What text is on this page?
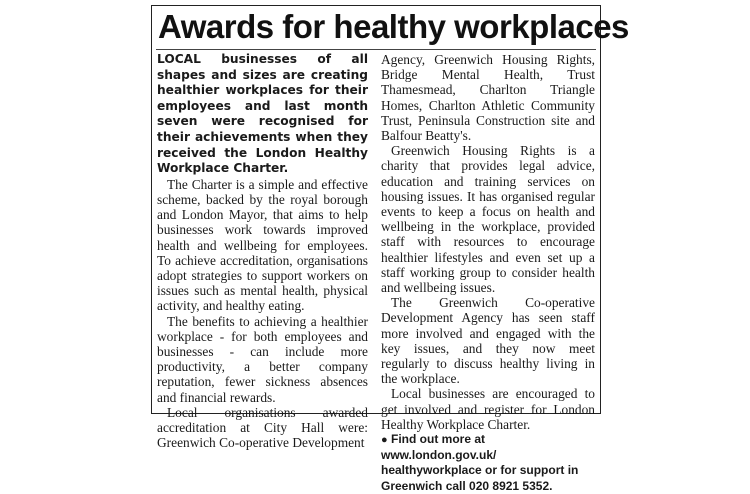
Awards for healthy workplaces

LOCAL businesses of all shapes and sizes are creating healthier workplaces for their employees and last month seven were recognised for their achievements when they received the London Healthy Workplace Charter.

The Charter is a simple and effective scheme, backed by the royal borough and London Mayor, that aims to help businesses work towards improved health and wellbeing for employees. To achieve accreditation, organisations adopt strategies to support workers on issues such as mental health, physical activity, and healthy eating.

The benefits to achieving a healthier workplace - for both employees and businesses - can include more productivity, a better company reputation, fewer sickness absences and financial rewards.

Local organisations awarded accreditation at City Hall were: Greenwich Co-operative Development

Agency, Greenwich Housing Rights, Bridge Mental Health, Trust Thamesmead, Charlton Triangle Homes, Charlton Athletic Community Trust, Peninsula Construction site and Balfour Beatty's.

Greenwich Housing Rights is a charity that provides legal advice, education and training services on housing issues. It has organised regular events to keep a focus on health and wellbeing in the workplace, provided staff with resources to encourage healthier lifestyles and even set up a staff working group to consider health and wellbeing issues.

The Greenwich Co-operative Development Agency has seen staff more involved and engaged with the key issues, and they now meet regularly to discuss healthy living in the workplace.

Local businesses are encouraged to get involved and register for London Healthy Workplace Charter.

● Find out more at www.london.gov.uk/ healthyworkplace or for support in Greenwich call 020 8921 5352.
